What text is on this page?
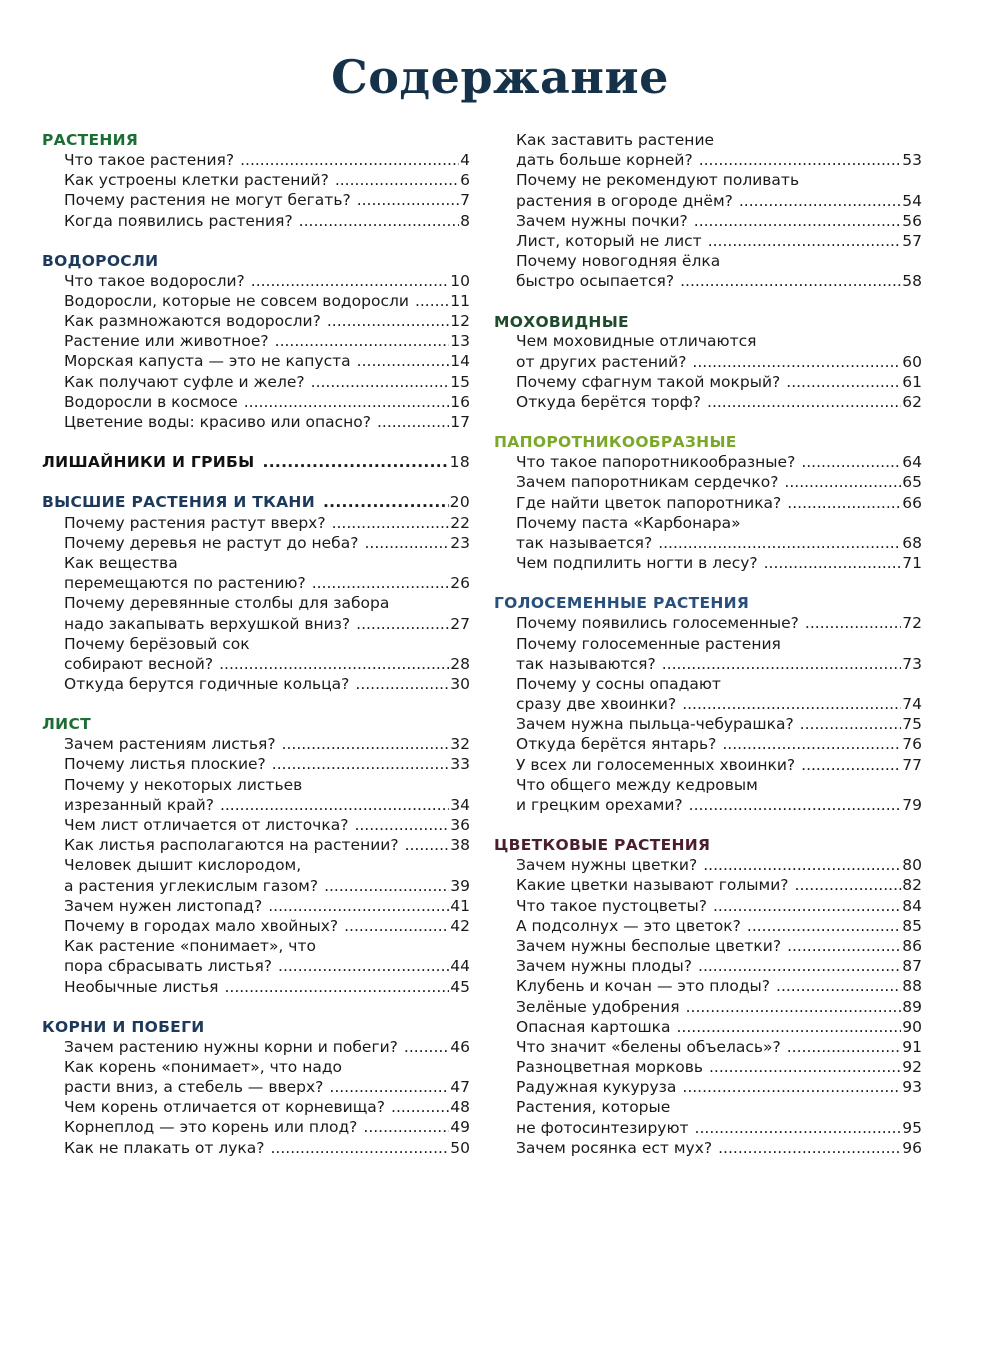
Содержание
РАСТЕНИЯ
Что такое растения? .....	4
Как устроены клетки растений? .....	6
Почему растения не могут бегать? .....	7
Когда появились растения? .....	8
ВОДОРОСЛИ
Что такое водоросли? .....	10
Водоросли, которые не совсем водоросли .....	11
Как размножаются водоросли? .....	12
Растение или животное? .....	13
Морская капуста — это не капуста .....	14
Как получают суфле и желе? .....	15
Водоросли в космосе .....	16
Цветение воды: красиво или опасно? .....	17
ЛИШАЙНИКИ И ГРИБЫ .....	18
ВЫСШИЕ РАСТЕНИЯ И ТКАНИ .....	20
Почему растения растут вверх? .....	22
Почему деревья не растут до неба? .....	23
Как вещества
перемещаются по растению? .....	26
Почему деревянные столбы для забора
надо закапывать верхушкой вниз? .....	27
Почему берёзовый сок
собирают весной? .....	28
Откуда берутся годичные кольца? .....	30
ЛИСТ
Зачем растениям листья? .....	32
Почему листья плоские? .....	33
Почему у некоторых листьев
изрезанный край? .....	34
Чем лист отличается от листочка? .....	36
Как листья располагаются на растении? .....	38
Человек дышит кислородом,
а растения углекислым газом? .....	39
Зачем нужен листопад? .....	41
Почему в городах мало хвойных? .....	42
Как растение «понимает», что
пора сбрасывать листья? .....	44
Необычные листья .....	45
КОРНИ И ПОБЕГИ
Зачем растению нужны корни и побеги? .....	46
Как корень «понимает», что надо
расти вниз, а стебель — вверх? .....	47
Чем корень отличается от корневища? .....	48
Корнеплод — это корень или плод? .....	49
Как не плакать от лука? .....	50
Как заставить растение
дать больше корней? .....	53
Почему не рекомендуют поливать
растения в огороде днём? .....	54
Зачем нужны почки? .....	56
Лист, который не лист .....	57
Почему новогодняя ёлка
быстро осыпается? .....	58
МОХОВИДНЫЕ
Чем моховидные отличаются
от других растений? .....	60
Почему сфагнум такой мокрый? .....	61
Откуда берётся торф? .....	62
ПАПОРОТНИКООБРАЗНЫЕ
Что такое папоротникообразные? .....	64
Зачем папоротникам сердечко? .....	65
Где найти цветок папоротника? .....	66
Почему паста «Карбонара»
так называется? .....	68
Чем подпилить ногти в лесу? .....	71
ГОЛОСЕМЕННЫЕ РАСТЕНИЯ
Почему появились голосеменные? .....	72
Почему голосеменные растения
так называются? .....	73
Почему у сосны опадают
сразу две хвоинки? .....	74
Зачем нужна пыльца-чебурашка? .....	75
Откуда берётся янтарь? .....	76
У всех ли голосеменных хвоинки? .....	77
Что общего между кедровым
и грецким орехами? .....	79
ЦВЕТКОВЫЕ РАСТЕНИЯ
Зачем нужны цветки? .....	80
Какие цветки называют голыми? .....	82
Что такое пустоцветы? .....	84
А подсолнух — это цветок? .....	85
Зачем нужны бесполые цветки? .....	86
Зачем нужны плоды? .....	87
Клубень и кочан — это плоды? .....	88
Зелёные удобрения .....	89
Опасная картошка .....	90
Что значит «белены объелась»? .....	91
Разноцветная морковь .....	92
Радужная кукуруза .....	93
Растения, которые
не фотосинтезируют .....	95
Зачем росянка ест мух? .....	96
